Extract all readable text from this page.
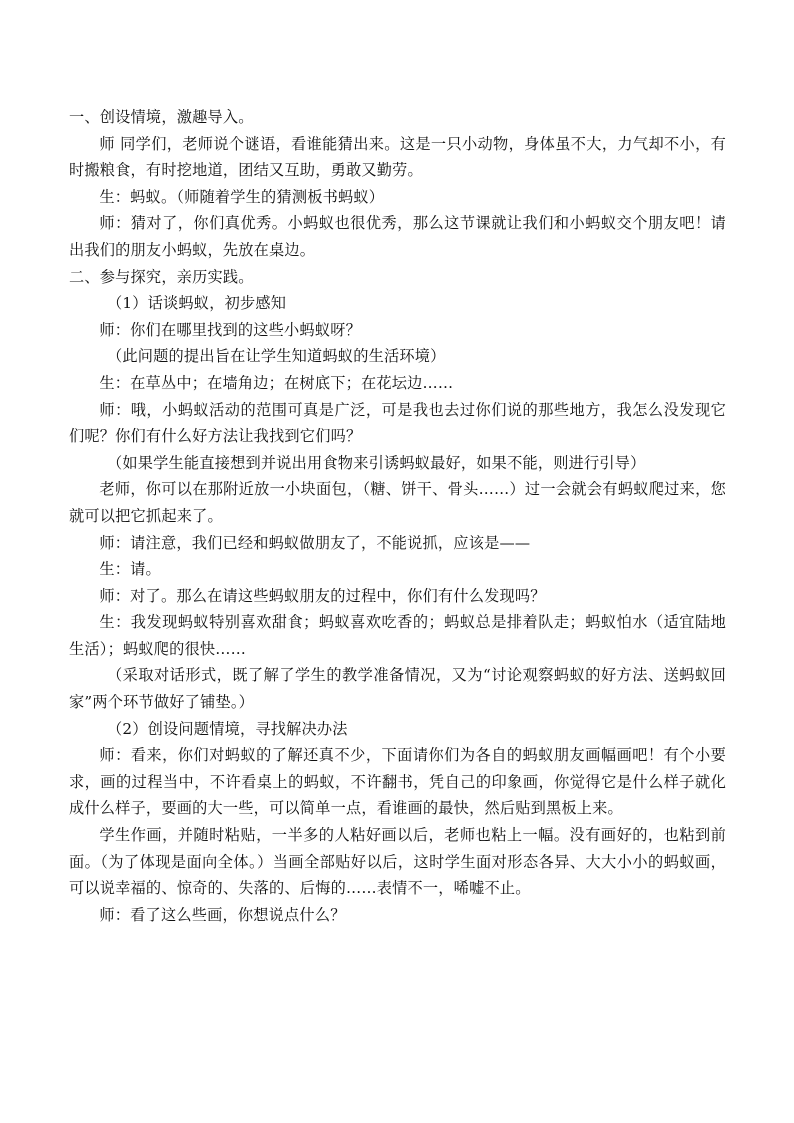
一、创设情境，激趣导入。

师 同学们，老师说个谜语，看谁能猜出来。这是一只小动物，身体虽不大，力气却不小，有时搬粮食，有时挖地道，团结又互助，勇敢又勤劳。

生：蚂蚁。（师随着学生的猜测板书蚂蚁）

师：猜对了，你们真优秀。小蚂蚁也很优秀，那么这节课就让我们和小蚂蚁交个朋友吧！请出我们的朋友小蚂蚁，先放在桌边。

二、参与探究，亲历实践。

（1）话谈蚂蚁，初步感知

师：你们在哪里找到的这些小蚂蚁呀？

（此问题的提出旨在让学生知道蚂蚁的生活环境）

生：在草丛中；在墙角边；在树底下；在花坛边……

师：哦，小蚂蚁活动的范围可真是广泛，可是我也去过你们说的那些地方，我怎么没发现它们呢？你们有什么好方法让我找到它们吗？

（如果学生能直接想到并说出用食物来引诱蚂蚁最好，如果不能，则进行引导）

老师，你可以在那附近放一小块面包，（糖、饼干、骨头……）过一会就会有蚂蚁爬过来，您就可以把它抓起来了。

师：请注意，我们已经和蚂蚁做朋友了，不能说抓，应该是——

生：请。

师：对了。那么在请这些蚂蚁朋友的过程中，你们有什么发现吗？

生：我发现蚂蚁特别喜欢甜食；蚂蚁喜欢吃香的；蚂蚁总是排着队走；蚂蚁怕水（适宜陆地生活）；蚂蚁爬的很快……

（采取对话形式，既了解了学生的教学准备情况，又为“讨论观察蚂蚁的好方法、送蚂蚁回家”两个环节做好了铺垫。）

（2）创设问题情境，寻找解决办法

师：看来，你们对蚂蚁的了解还真不少，下面请你们为各自的蚂蚁朋友画幅画吧！有个小要求，画的过程当中，不许看桌上的蚂蚁，不许翻书，凭自己的印象画，你觉得它是什么样子就化成什么样子，要画的大一些，可以简单一点，看谁画的最快，然后贴到黑板上来。

学生作画，并随时粘贴，一半多的人粘好画以后，老师也粘上一幅。没有画好的，也粘到前面。（为了体现是面向全体。）当画全部贴好以后，这时学生面对形态各异、大大小小的蚂蚁画，可以说幸福的、惊奇的、失落的、后悔的……表情不一，唏嘘不止。

师：看了这么些画，你想说点什么？
